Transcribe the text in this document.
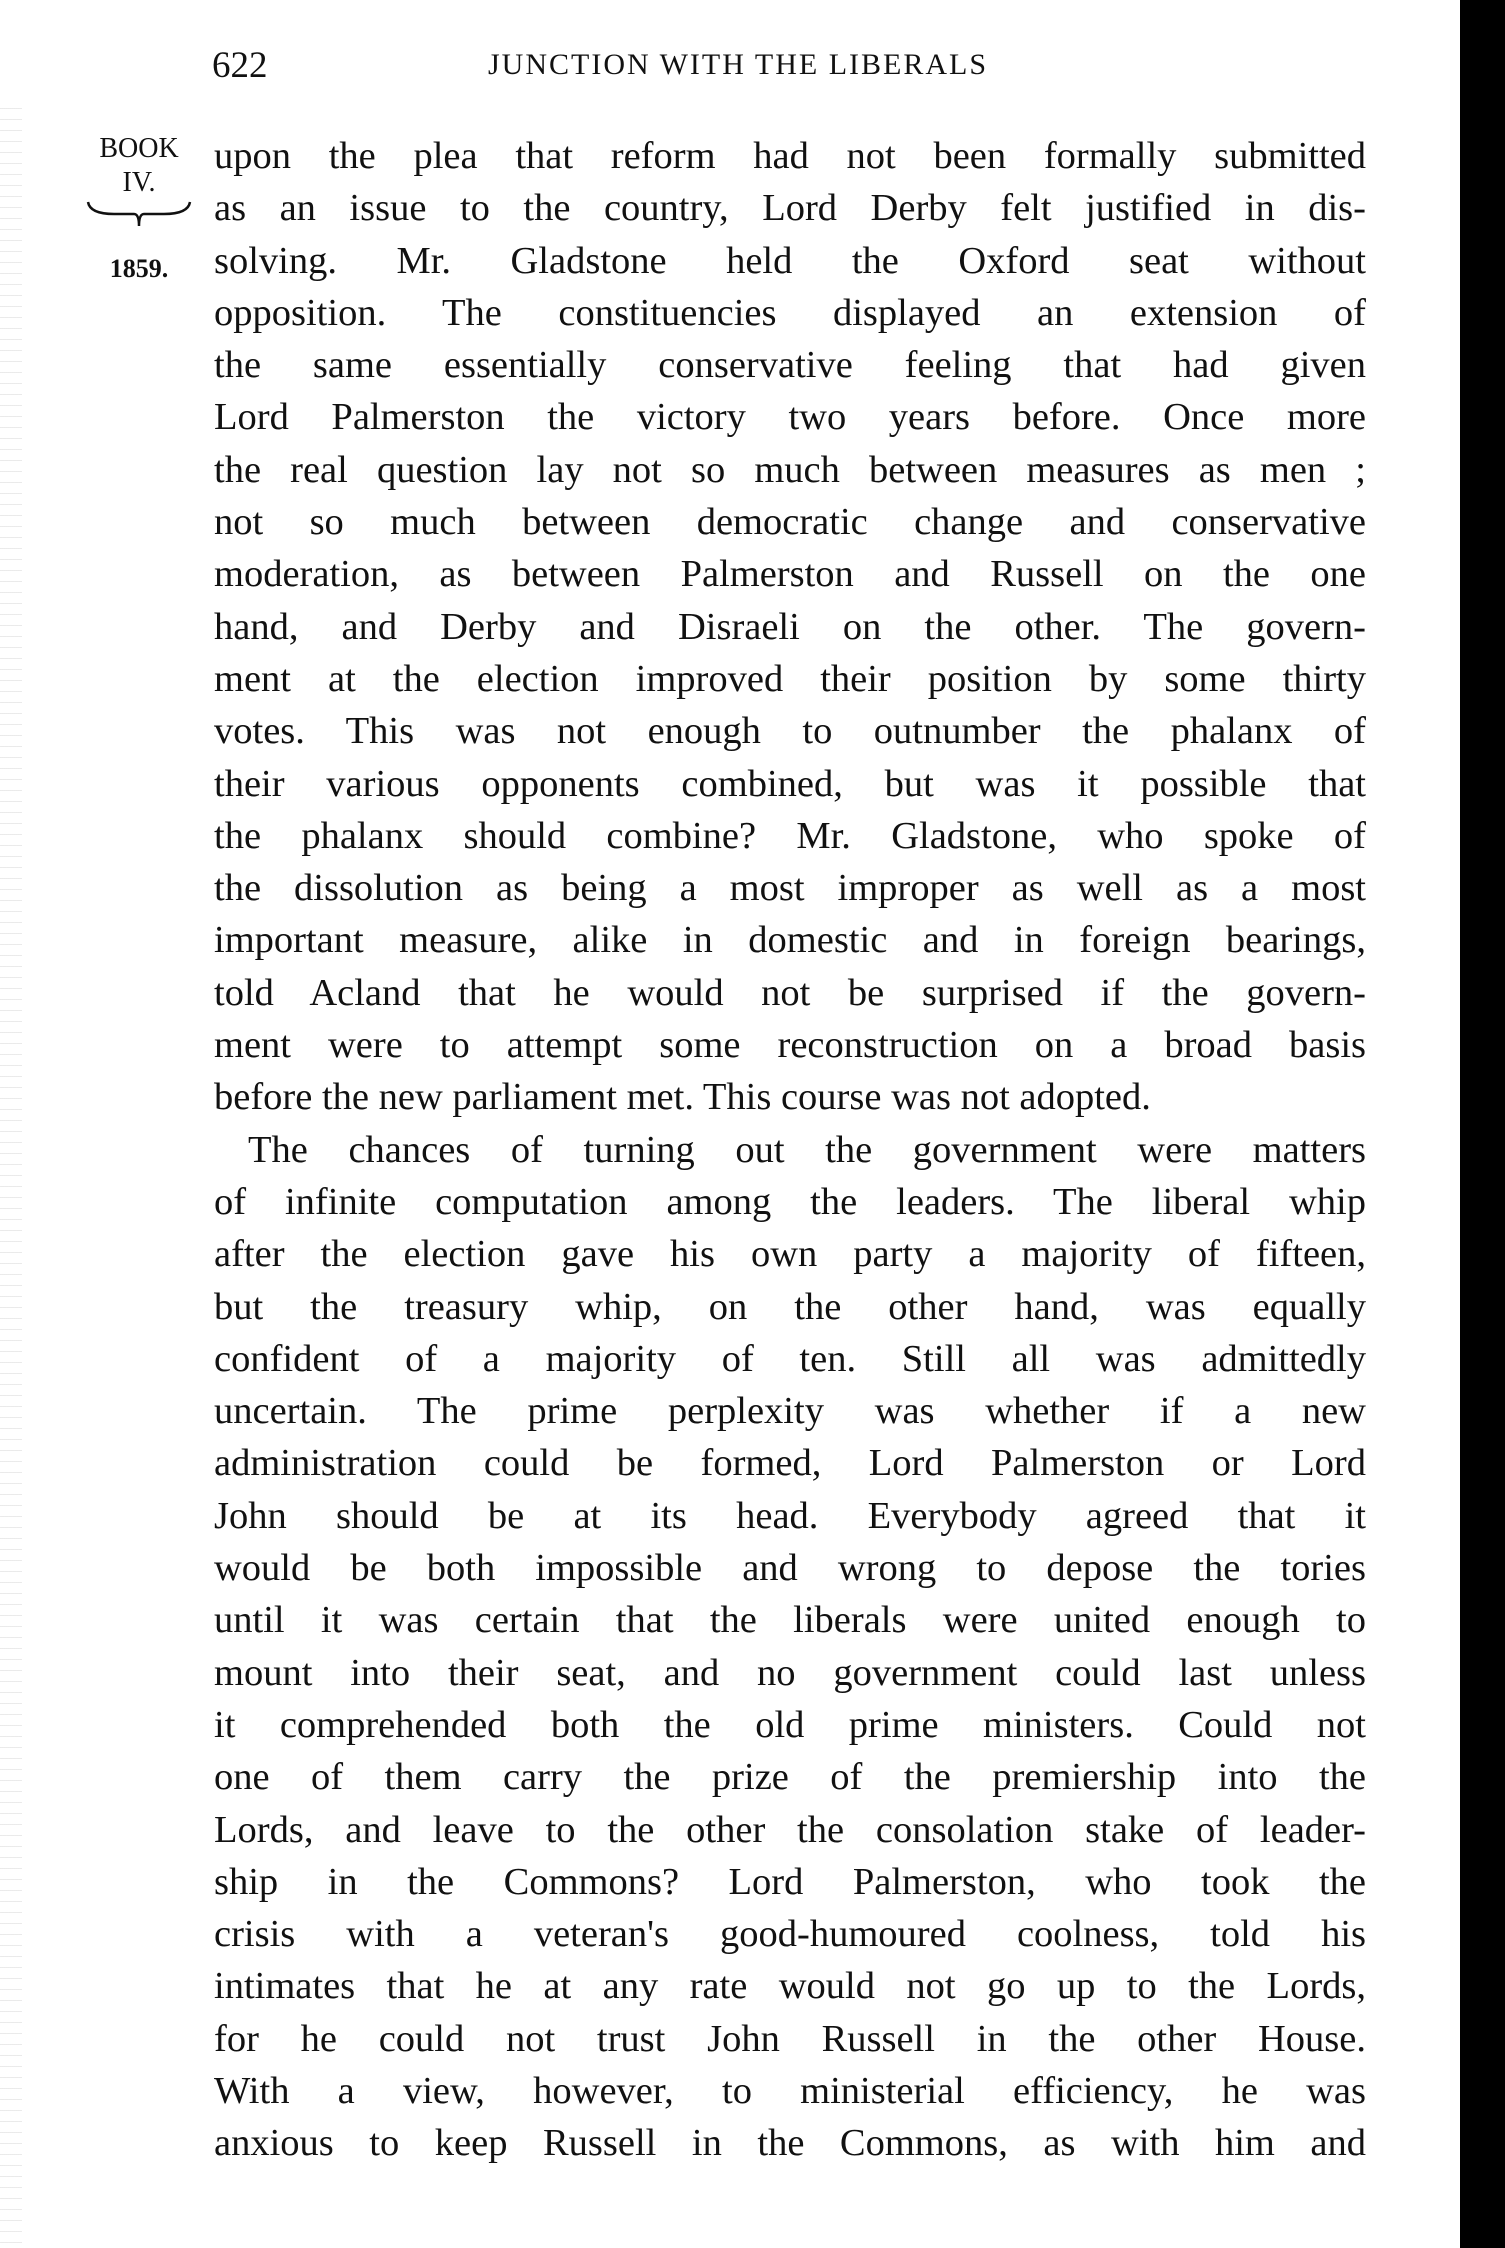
622	JUNCTION WITH THE LIBERALS
BOOK
IV.
1859.
upon the plea that reform had not been formally submitted
as an issue to the country, Lord Derby felt justified in dis-
solving. Mr. Gladstone held the Oxford seat without
opposition. The constituencies displayed an extension of
the same essentially conservative feeling that had given
Lord Palmerston the victory two years before. Once more
the real question lay not so much between measures as men ;
not so much between democratic change and conservative
moderation, as between Palmerston and Russell on the one
hand, and Derby and Disraeli on the other. The govern-
ment at the election improved their position by some thirty
votes. This was not enough to outnumber the phalanx of
their various opponents combined, but was it possible that
the phalanx should combine? Mr. Gladstone, who spoke of
the dissolution as being a most improper as well as a most
important measure, alike in domestic and in foreign bearings,
told Acland that he would not be surprised if the govern-
ment were to attempt some reconstruction on a broad basis
before the new parliament met. This course was not adopted.
The chances of turning out the government were matters
of infinite computation among the leaders. The liberal whip
after the election gave his own party a majority of fifteen,
but the treasury whip, on the other hand, was equally
confident of a majority of ten. Still all was admittedly
uncertain. The prime perplexity was whether if a new
administration could be formed, Lord Palmerston or Lord
John should be at its head. Everybody agreed that it
would be both impossible and wrong to depose the tories
until it was certain that the liberals were united enough to
mount into their seat, and no government could last unless
it comprehended both the old prime ministers. Could not
one of them carry the prize of the premiership into the
Lords, and leave to the other the consolation stake of leader-
ship in the Commons? Lord Palmerston, who took the
crisis with a veteran's good-humoured coolness, told his
intimates that he at any rate would not go up to the Lords,
for he could not trust John Russell in the other House.
With a view, however, to ministerial efficiency, he was
anxious to keep Russell in the Commons, as with him and
